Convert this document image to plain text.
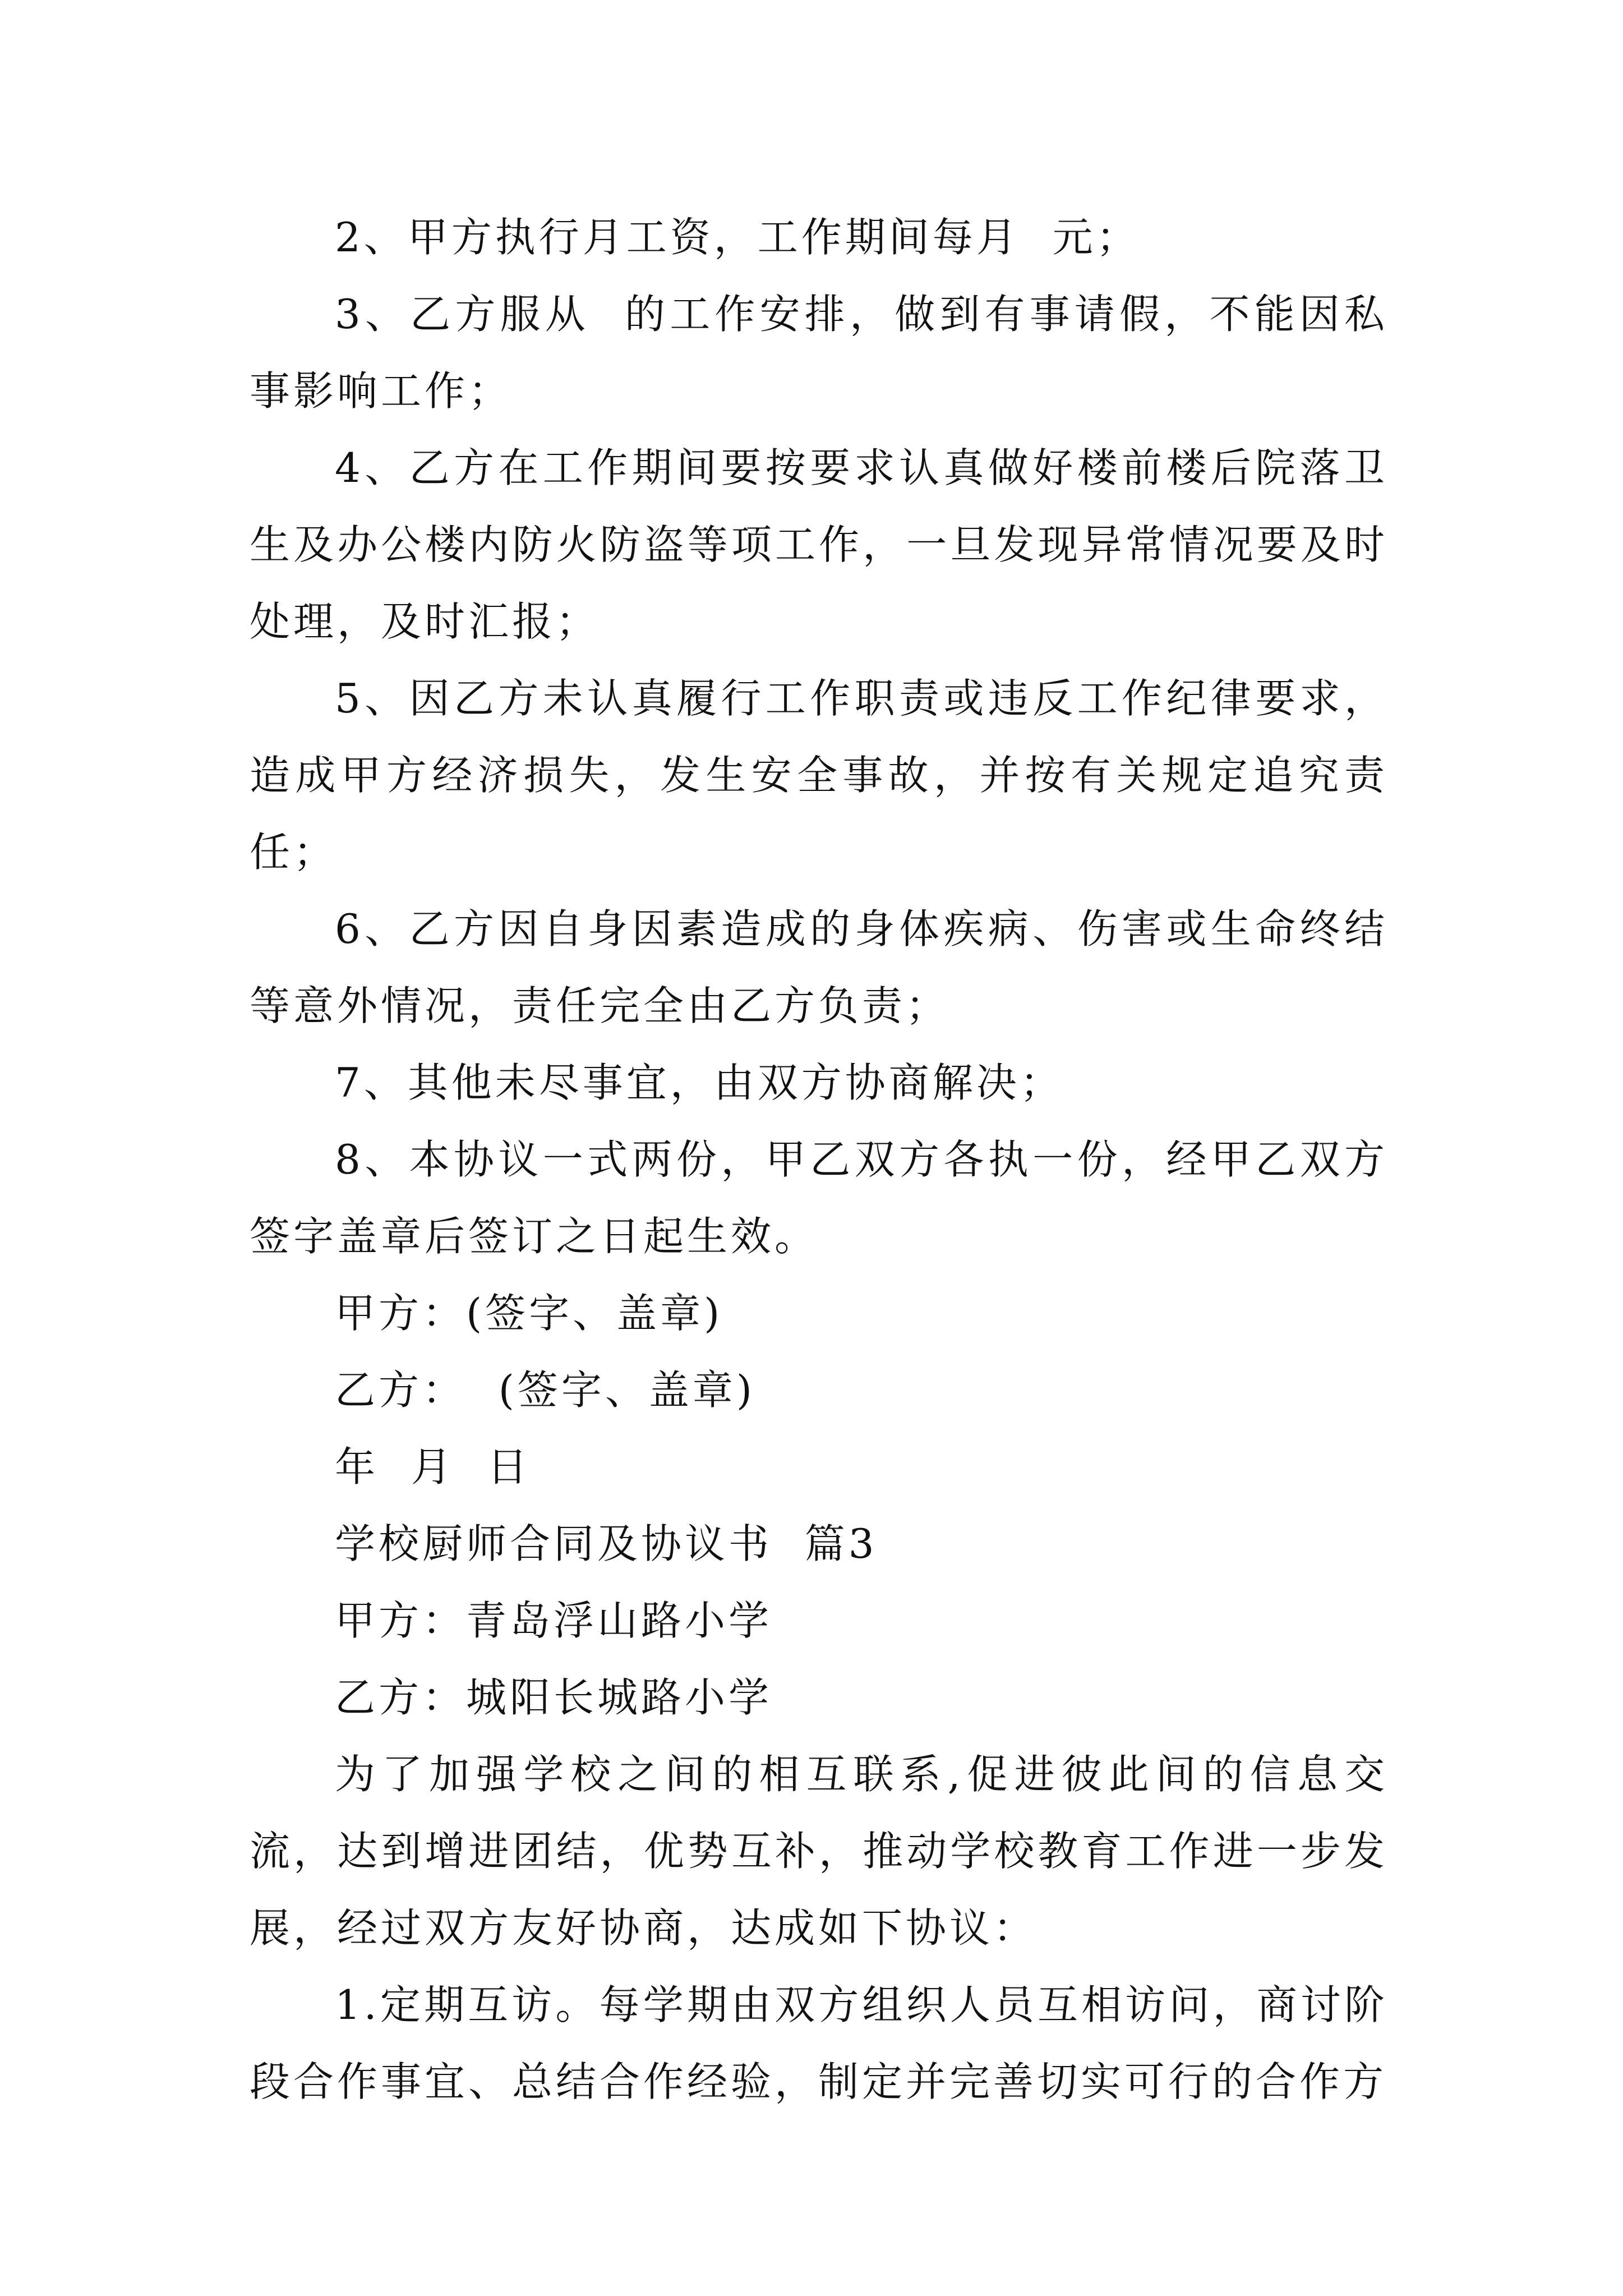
2、甲方执行月工资，工作期间每月  元；

3、乙方服从  的工作安排，做到有事请假，不能因私事影响工作；

4、乙方在工作期间要按要求认真做好楼前楼后院落卫生及办公楼内防火防盗等项工作，一旦发现异常情况要及时处理，及时汇报；

5、因乙方未认真履行工作职责或违反工作纪律要求，造成甲方经济损失，发生安全事故，并按有关规定追究责任；

6、乙方因自身因素造成的身体疾病、伤害或生命终结等意外情况，责任完全由乙方负责；

7、其他未尽事宜，由双方协商解决；

8、本协议一式两份，甲乙双方各执一份，经甲乙双方签字盖章后签订之日起生效。

甲方：(签字、盖章)

乙方：  (签字、盖章)

年  月  日

学校厨师合同及协议书  篇3

甲方：青岛浮山路小学

乙方：城阳长城路小学

为了加强学校之间的相互联系,促进彼此间的信息交流，达到增进团结，优势互补，推动学校教育工作进一步发展，经过双方友好协商，达成如下协议：

1.定期互访。每学期由双方组织人员互相访问，商讨阶段合作事宜、总结合作经验，制定并完善切实可行的合作方
